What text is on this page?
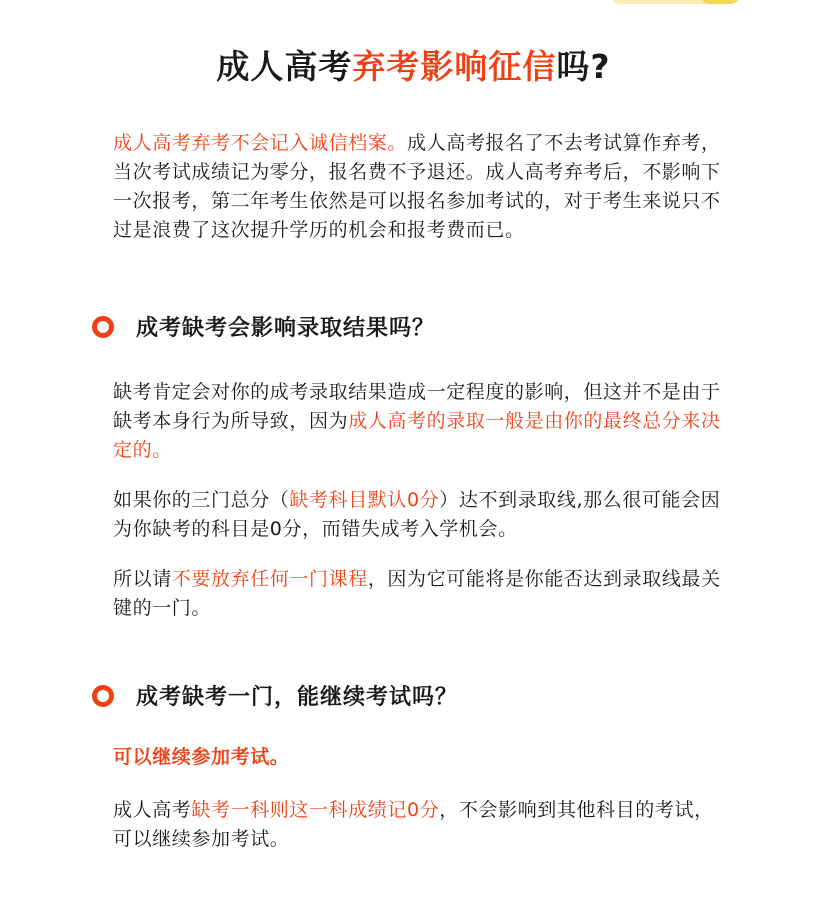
成人高考弃考影响征信吗?

成人高考弃考不会记入诚信档案。成人高考报名了不去考试算作弃考，当次考试成绩记为零分，报名费不予退还。成人高考弃考后，不影响下一次报考，第二年考生依然是可以报名参加考试的，对于考生来说只不过是浪费了这次提升学历的机会和报考费而已。

成考缺考会影响录取结果吗？

缺考肯定会对你的成考录取结果造成一定程度的影响，但这并不是由于缺考本身行为所导致，因为成人高考的录取一般是由你的最终总分来决定的。

如果你的三门总分（缺考科目默认0分）达不到录取线,那么很可能会因为你缺考的科目是0分，而错失成考入学机会。

所以请不要放弃任何一门课程，因为它可能将是你能否达到录取线最关键的一门。

成考缺考一门，能继续考试吗？

可以继续参加考试。

成人高考缺考一科则这一科成绩记0分，不会影响到其他科目的考试，可以继续参加考试。
